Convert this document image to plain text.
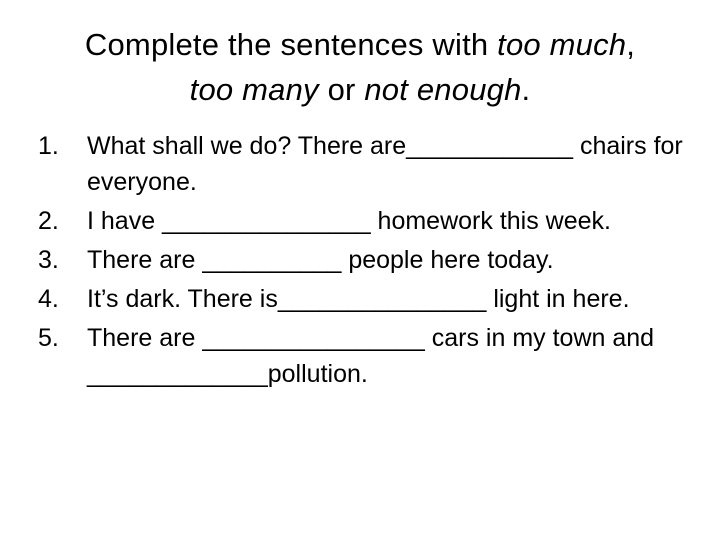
Complete the sentences with too much, too many or not enough.
1. What shall we do? There are____________ chairs for everyone.
2. I have _______________ homework this week.
3. There are __________ people here today.
4. It’s dark. There is_______________ light in here.
5. There are ________________ cars in my town and _____________pollution.
